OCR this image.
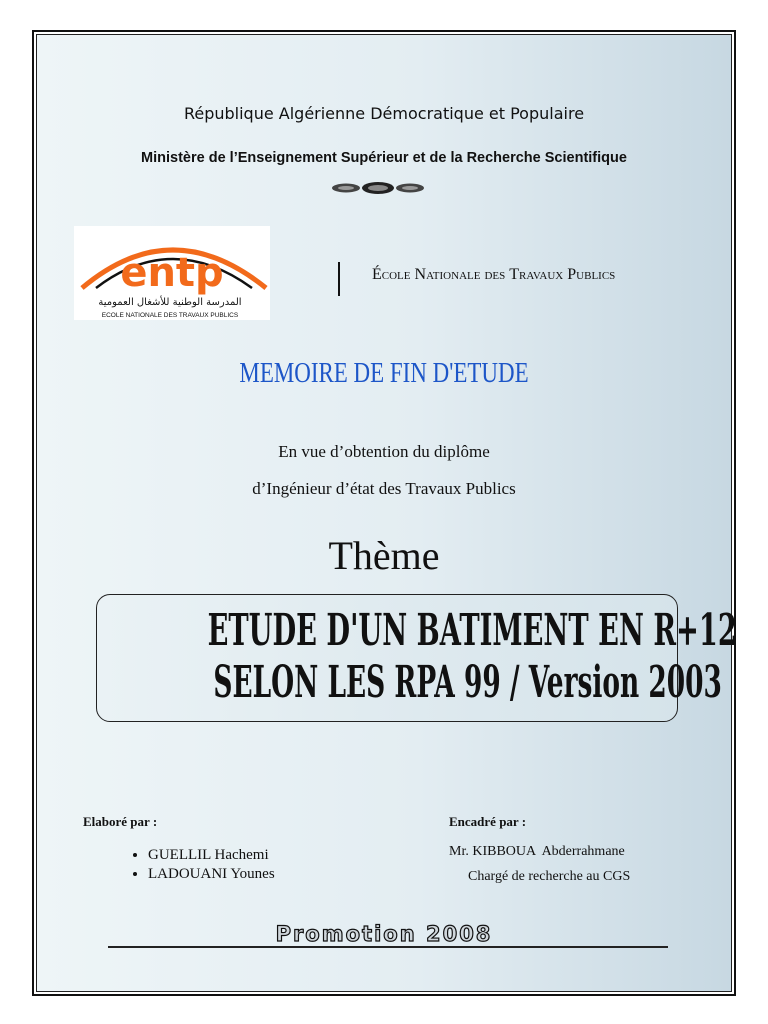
République Algérienne Démocratique et Populaire
Ministère de l’Enseignement Supérieur et de la Recherche Scientifique
entp
المدرسة الوطنية للأشغال العمومية
ECOLE NATIONALE DES TRAVAUX PUBLICS
École Nationale des Travaux Publics
MEMOIRE DE FIN D'ETUDE
En vue d’obtention du diplôme
d’Ingénieur d’état des Travaux Publics
Thème
ETUDE D'UN BATIMENT EN R+12
SELON LES RPA 99 / Version 2003
Elaboré par :
• GUELLIL Hachemi
• LADOUANI Younes
Encadré par :
Mr. KIBBOUA  Abderrahmane
Chargé de recherche au CGS
Promotion 2008
